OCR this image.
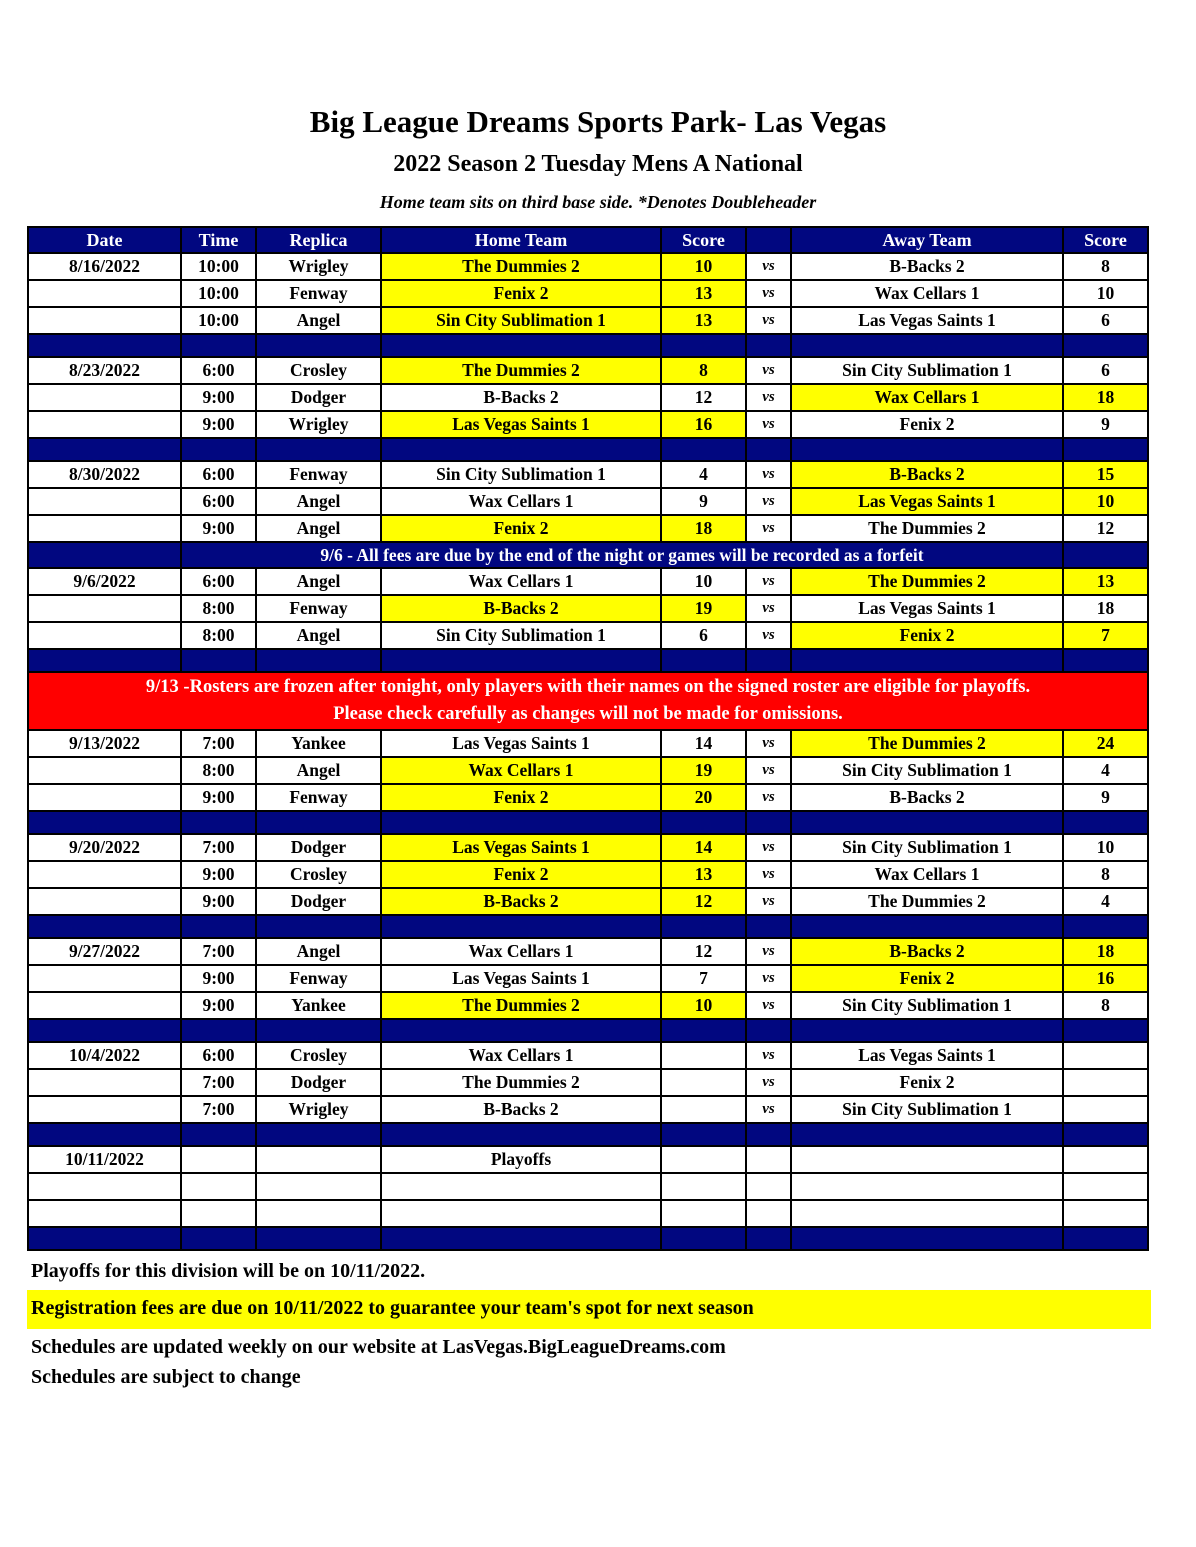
Big League Dreams Sports Park- Las Vegas
2022 Season 2 Tuesday Mens A National
Home team sits on third base side. *Denotes Doubleheader
Date	Time	Replica	Home Team	Score		Away Team	Score
8/16/2022	10:00	Wrigley	The Dummies 2	10	vs	B-Backs 2	8
	10:00	Fenway	Fenix 2	13	vs	Wax Cellars 1	10
	10:00	Angel	Sin City Sublimation 1	13	vs	Las Vegas Saints 1	6

8/23/2022	6:00	Crosley	The Dummies 2	8	vs	Sin City Sublimation 1	6
	9:00	Dodger	B-Backs 2	12	vs	Wax Cellars 1	18
	9:00	Wrigley	Las Vegas Saints 1	16	vs	Fenix 2	9

8/30/2022	6:00	Fenway	Sin City Sublimation 1	4	vs	B-Backs 2	15
	6:00	Angel	Wax Cellars 1	9	vs	Las Vegas Saints 1	10
	9:00	Angel	Fenix 2	18	vs	The Dummies 2	12
	9/6 - All fees are due by the end of the night or games will be recorded as a forfeit						
9/6/2022	6:00	Angel	Wax Cellars 1	10	vs	The Dummies 2	13
	8:00	Fenway	B-Backs 2	19	vs	Las Vegas Saints 1	18
	8:00	Angel	Sin City Sublimation 1	6	vs	Fenix 2	7

9/13 -Rosters are frozen after tonight, only players with their names on the signed roster are eligible for playoffs.
Please check carefully as changes will not be made for omissions.							

9/13/2022	7:00	Yankee	Las Vegas Saints 1	14	vs	The Dummies 2	24
	8:00	Angel	Wax Cellars 1	19	vs	Sin City Sublimation 1	4
	9:00	Fenway	Fenix 2	20	vs	B-Backs 2	9

9/20/2022	7:00	Dodger	Las Vegas Saints 1	14	vs	Sin City Sublimation 1	10
	9:00	Crosley	Fenix 2	13	vs	Wax Cellars 1	8
	9:00	Dodger	B-Backs 2	12	vs	The Dummies 2	4

9/27/2022	7:00	Angel	Wax Cellars 1	12	vs	B-Backs 2	18
	9:00	Fenway	Las Vegas Saints 1	7	vs	Fenix 2	16
	9:00	Yankee	The Dummies 2	10	vs	Sin City Sublimation 1	8

10/4/2022	6:00	Crosley	Wax Cellars 1		vs	Las Vegas Saints 1	
	7:00	Dodger	The Dummies 2		vs	Fenix 2	
	7:00	Wrigley	B-Backs 2		vs	Sin City Sublimation 1	

10/11/2022			Playoffs				

Playoffs for this division will be on 10/11/2022.
Registration fees are due on 10/11/2022 to guarantee your team's spot for next season
Schedules are updated weekly on our website at LasVegas.BigLeagueDreams.com
Schedules are subject to change
